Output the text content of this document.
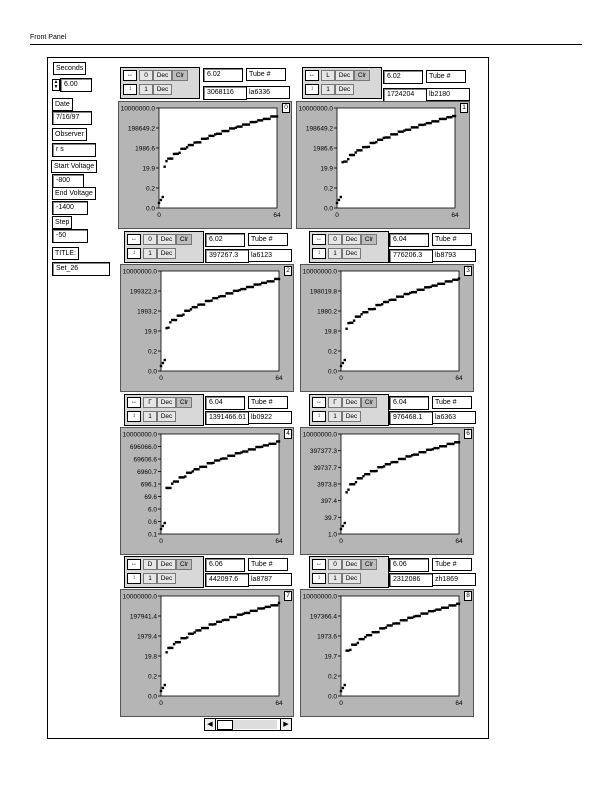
Front Panel
Seconds
▲
▼ 6.00
Date
7/16/97
Observer
r s
Start Voltage
-800
End Voltage
-1400
Step
-50
TITLE:
Set_26
↔
↕
0	Dec	Clr
1	Dec
6.02	Tube #
3068116	la6336
0.0
0.2
19.9
1986.6
198649.2
10000000.0
0	64
0
↔
↕
L	Dec	Clr
1	Dec
6.02	Tube #
1724204	lb2180
0.0
0.2
19.9
1986.6
198649.2
10000000.0
0	64
1
↔
↕
0	Dec	Clr
1	Dec
6.02	Tube #
397267.3	la6123
0.0
0.2
19.9
1993.2
199322.3
10000000.0
0	64
2
↔
↕
0	Dec	Clr
1	Dec
6.04	Tube #
776206.3	lb8793
0.0
0.2
19.8
1980.2
198019.8
10000000.0
0	64
3
↔
↕
Γ	Dec	Clr
1	Dec
6.04	Tube #
1391466.61 lb0922
0.1
0.6
6.0
69.6
696.1
6960.7
69606.6
696066.0
10000000.0
0	64
4
↔
↕
Γ	Dec	Clr
1	Dec
6.04	Tube #
976468.1	la6363
1.0
39.7
397.4
3973.8
39737.7
397377.3
10000000.0
0	64
6
↔
↕
D	Dec	Clr
1	Dec
6.06	Tube #
442097.6	la8787
0.0
0.2
19.8
1979.4
197941.4
10000000.0
0	64
7
↔
↕
0	Dec	Clr
1	Dec
6.06	Tube #
2312086	zh1869
0.0
0.2
19.7
1973.6
197366.4
10000000.0
0	64
8
◀	▶
